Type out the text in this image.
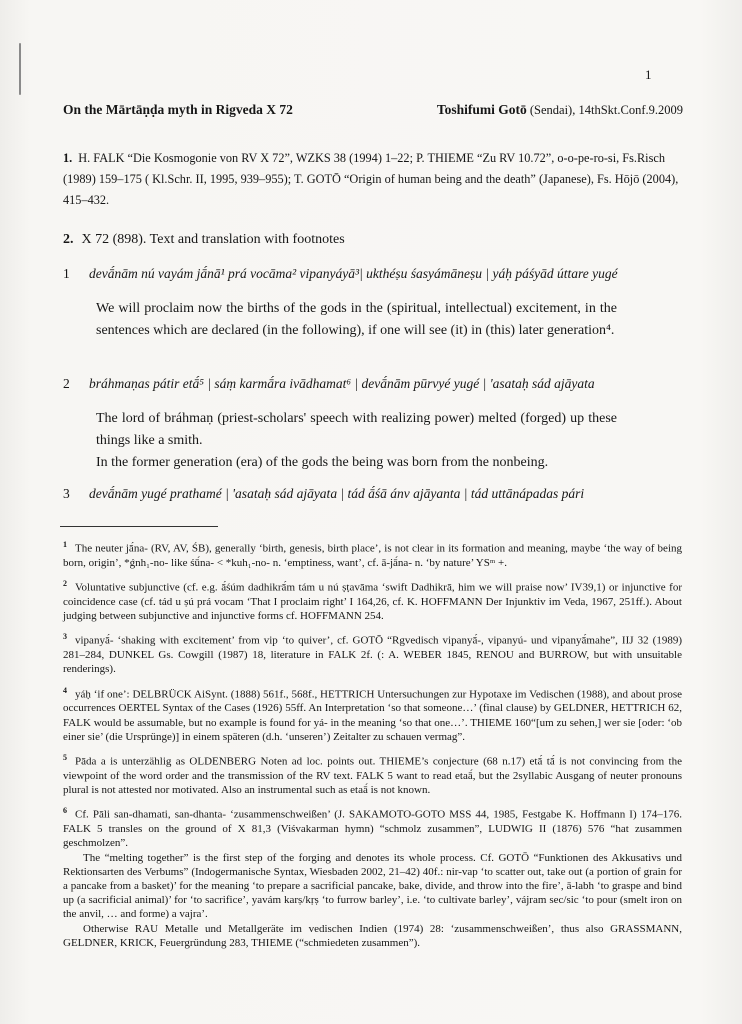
1
On the Mārtāṇḍa myth in Rigveda X 72	Toshifumi Gotō (Sendai), 14thSkt.Conf.9.2009
1. H. FALK “Die Kosmogonie von RV X 72”, WZKS 38 (1994) 1–22; P. THIEME “Zu RV 10.72”, o-o-pe-ro-si, Fs.Risch (1989) 159–175 ( Kl.Schr. II, 1995, 939–955); T. GOTŌ “Origin of human being and the death” (Japanese), Fs. Hōjō (2004), 415–432.
2. X 72 (898). Text and translation with footnotes
1 devā́nām nú vayám jā́nā¹ prá vocāma² vipanyáyā³| ukthéṣu śasyámāneṣu | yáḥ páśyād úttare yugé

We will proclaim now the births of the gods in the (spiritual, intellectual) excitement, in the sentences which are declared (in the following), if one will see (it) in (this) later generation⁴.

2 bráhmaṇas pátir etā́⁵ | sáṃ karmā́ra ivādhamat⁶ | devā́nām pūrvyé yugé | 'asataḥ sád ajāyata

The lord of bráhmaṇ (priest-scholars' speech with realizing power) melted (forged) up these things like a smith.

In the former generation (era) of the gods the being was born from the nonbeing.

3 devā́nām yugé prathamé | 'asataḥ sád ajāyata | tád ā́śā ánv ajāyanta | tád uttānápadas pári

$^1$ The neuter jā́na- (RV, AV, ŚB), generally ‘birth, genesis, birth place’, is not clear in its formation and meaning, maybe ‘the way of being born, origin’, *ǵnh₁-no- like śū́na- < *kuh₁-no- n. ‘emptiness, want’, cf. ā-jā́na- n. ‘by nature’ YSᵐ +.

$^2$ Voluntative subjunctive (cf. e.g. ā́śúm dadhikrā́m tám u nú ṣṭavāma ‘swift Dadhikrā, him we will praise now’ IV39,1) or injunctive for coincidence case (cf. tád u ṣú prá vocam ‘That I proclaim right’ I 164,26, cf. K. HOFFMANN Der Injunktiv im Veda, 1967, 251ff.). About judging between subjunctive and injunctive forms cf. HOFFMANN 254.

$^3$ vipanyā́- ‘shaking with excitement’ from vip ‘to quiver’, cf. GOTŌ “Rgvedisch vipanyā́-, vipanyú- und vipanyā́mahe”, IIJ 32 (1989) 281–284, DUNKEL Gs. Cowgill (1987) 18, literature in FALK 2f. (: A. WEBER 1845, RENOU and BURROW, but with unsuitable renderings).

$^4$ yáḥ ‘if one’: DELBRÜCK AiSynt. (1888) 561f., 568f., HETTRICH Untersuchungen zur Hypotaxe im Vedischen (1988), and about prose occurrences OERTEL Syntax of the Cases (1926) 55ff. An Interpretation ‘so that someone…’ (final clause) by GELDNER, HETTRICH 62, FALK would be assumable, but no example is found for yá- in the meaning ‘so that one…’. THIEME 160“[um zu sehen,] wer sie [oder: ‘ob einer sie’ (die Ursprünge)] in einem späteren (d.h. ‘unseren’) Zeitalter zu schauen vermag”.

$^5$ Pāda a is unterzählig as OLDENBERG Noten ad loc. points out. THIEME’s conjecture (68 n.17) etā́ tā́ is not convincing from the viewpoint of the word order and the transmission of the RV text. FALK 5 want to read etaā́, but the 2syllabic Ausgang of neuter pronouns plural is not attested nor motivated. Also an instrumental such as etaā́ is not known.

$^6$ Cf. Pāli san-dhamati, san-dhanta- ‘zusammenschweißen’ (J. SAKAMOTO-GOTO MSS 44, 1985, Festgabe K. Hoffmann I) 174–176. FALK 5 transles on the ground of X 81,3 (Viśvakarman hymn) “schmolz zusammen”, LUDWIG II (1876) 576 “hat zusammen geschmolzen”.

The “melting together” is the first step of the forging and denotes its whole process. Cf. GOTŌ “Funktionen des Akkusativs und Rektionsarten des Verbums” (Indogermanische Syntax, Wiesbaden 2002, 21–42) 40f.: nir-vap ‘to scatter out, take out (a portion of grain for a pancake from a basket)’ for the meaning ‘to prepare a sacrificial pancake, bake, divide, and throw into the fire’, ā-labh ‘to graspe and bind up (a sacrificial animal)’ for ‘to sacrifice’, yavám karṣ/kṛṣ ‘to furrow barley’, i.e. ‘to cultivate barley’, vájram sec/sic ‘to pour (smelt iron on the anvil, … and forme) a vajra’.

Otherwise RAU Metalle und Metallgeräte im vedischen Indien (1974) 28: ‘zusammenschweißen’, thus also GRASSMANN, GELDNER, KRICK, Feuergründung 283, THIEME (“schmiedeten zusammen”).
